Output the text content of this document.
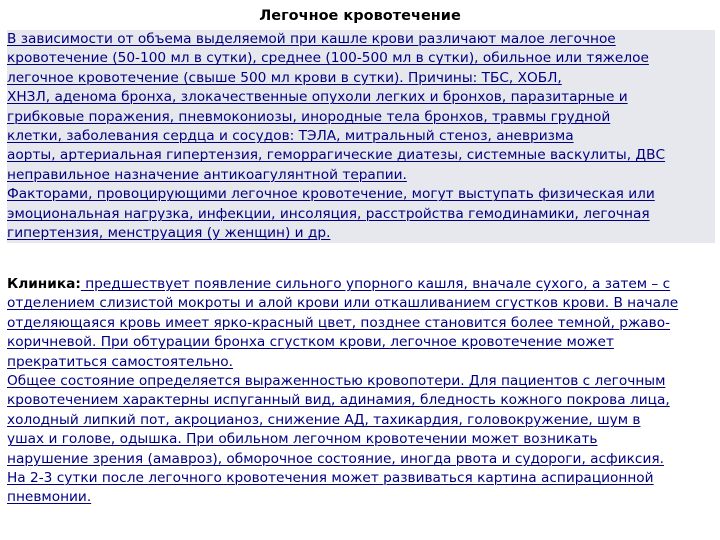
Легочное кровотечение
В зависимости от объема выделяемой при кашле крови различают малое легочное
кровотечение (50-100 мл в сутки), среднее (100-500 мл в сутки), обильное или тяжелое
легочное кровотечение (свыше 500 мл крови в сутки). Причины: ТБС, ХОБЛ,
ХНЗЛ, аденома бронха, злокачественные опухоли легких и бронхов, паразитарные и
грибковые поражения, пневмокониозы, инородные тела бронхов, травмы грудной
клетки, заболевания сердца и сосудов: ТЭЛА, митральный стеноз, аневризма
аорты, артериальная гипертензия, геморрагические диатезы, системные васкулиты, ДВС
неправильное назначение антикоагулянтной терапии.
Факторами, провоцирующими легочное кровотечение, могут выступать физическая или
эмоциональная нагрузка, инфекции, инсоляция, расстройства гемодинамики, легочная
гипертензия, менструация (у женщин) и др.
Клиника: предшествует появление сильного упорного кашля, вначале сухого, а затем – с
отделением слизистой мокроты и алой крови или откашливанием сгустков крови. В начале
отделяющаяся кровь имеет ярко-красный цвет, позднее становится более темной, ржаво-
коричневой. При обтурации бронха сгустком крови, легочное кровотечение может
прекратиться самостоятельно.
Общее состояние определяется выраженностью кровопотери. Для пациентов с легочным
кровотечением характерны испуганный вид, адинамия, бледность кожного покрова лица,
холодный липкий пот, акроцианоз, снижение АД, тахикардия, головокружение, шум в
ушах и голове, одышка. При обильном легочном кровотечении может возникать
нарушение зрения (амавроз), обморочное состояние, иногда рвота и судороги, асфиксия.
На 2-3 сутки после легочного кровотечения может развиваться картина аспирационной
пневмонии.
